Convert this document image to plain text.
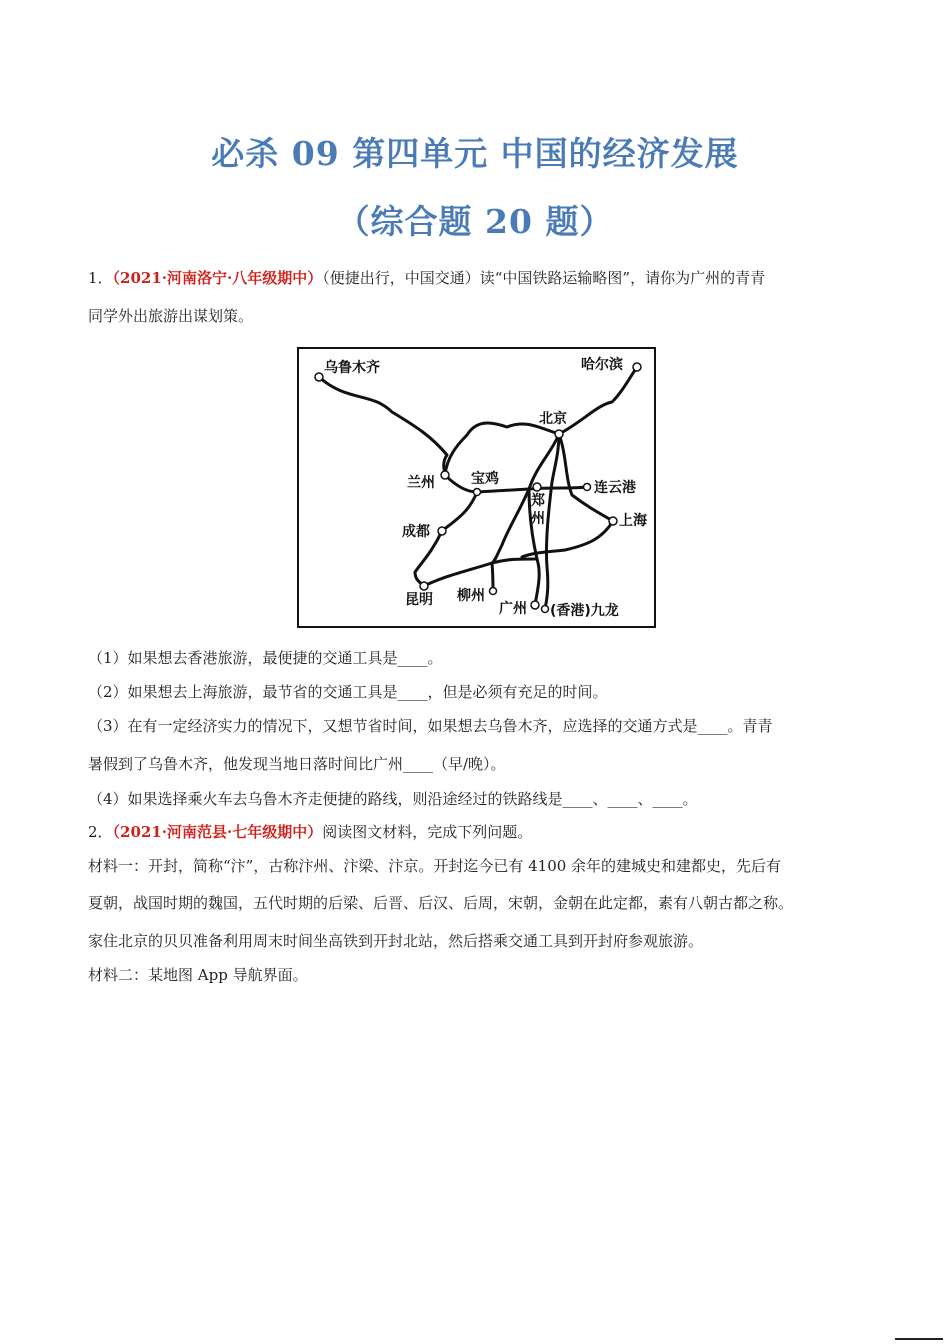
必杀 09 第四单元 中国的经济发展
（综合题 20 题）
1．（2021·河南洛宁·八年级期中）（便捷出行，中国交通）读“中国铁路运输略图”，请你为广州的青青
同学外出旅游出谋划策。
乌鲁木齐	哈尔滨
北京
兰州	宝鸡
连云港
郑
州	上海
成都
昆明 柳州
广州 (香港)九龙
（1）如果想去香港旅游，最便捷的交通工具是____。
（2）如果想去上海旅游，最节省的交通工具是____，但是必须有充足的时间。
（3）在有一定经济实力的情况下，又想节省时间，如果想去乌鲁木齐，应选择的交通方式是____。青青
暑假到了乌鲁木齐，他发现当地日落时间比广州____（早/晚）。
（4）如果选择乘火车去乌鲁木齐走便捷的路线，则沿途经过的铁路线是____、____、____。
2．（2021·河南范县·七年级期中）阅读图文材料，完成下列问题。
材料一：开封，简称“汴”，古称汴州、汴梁、汴京。开封迄今已有 4100 余年的建城史和建都史，先后有
夏朝，战国时期的魏国，五代时期的后梁、后晋、后汉、后周，宋朝，金朝在此定都，素有八朝古都之称。
家住北京的贝贝准备利用周末时间坐高铁到开封北站，然后搭乘交通工具到开封府参观旅游。
材料二：某地图 App 导航界面。
